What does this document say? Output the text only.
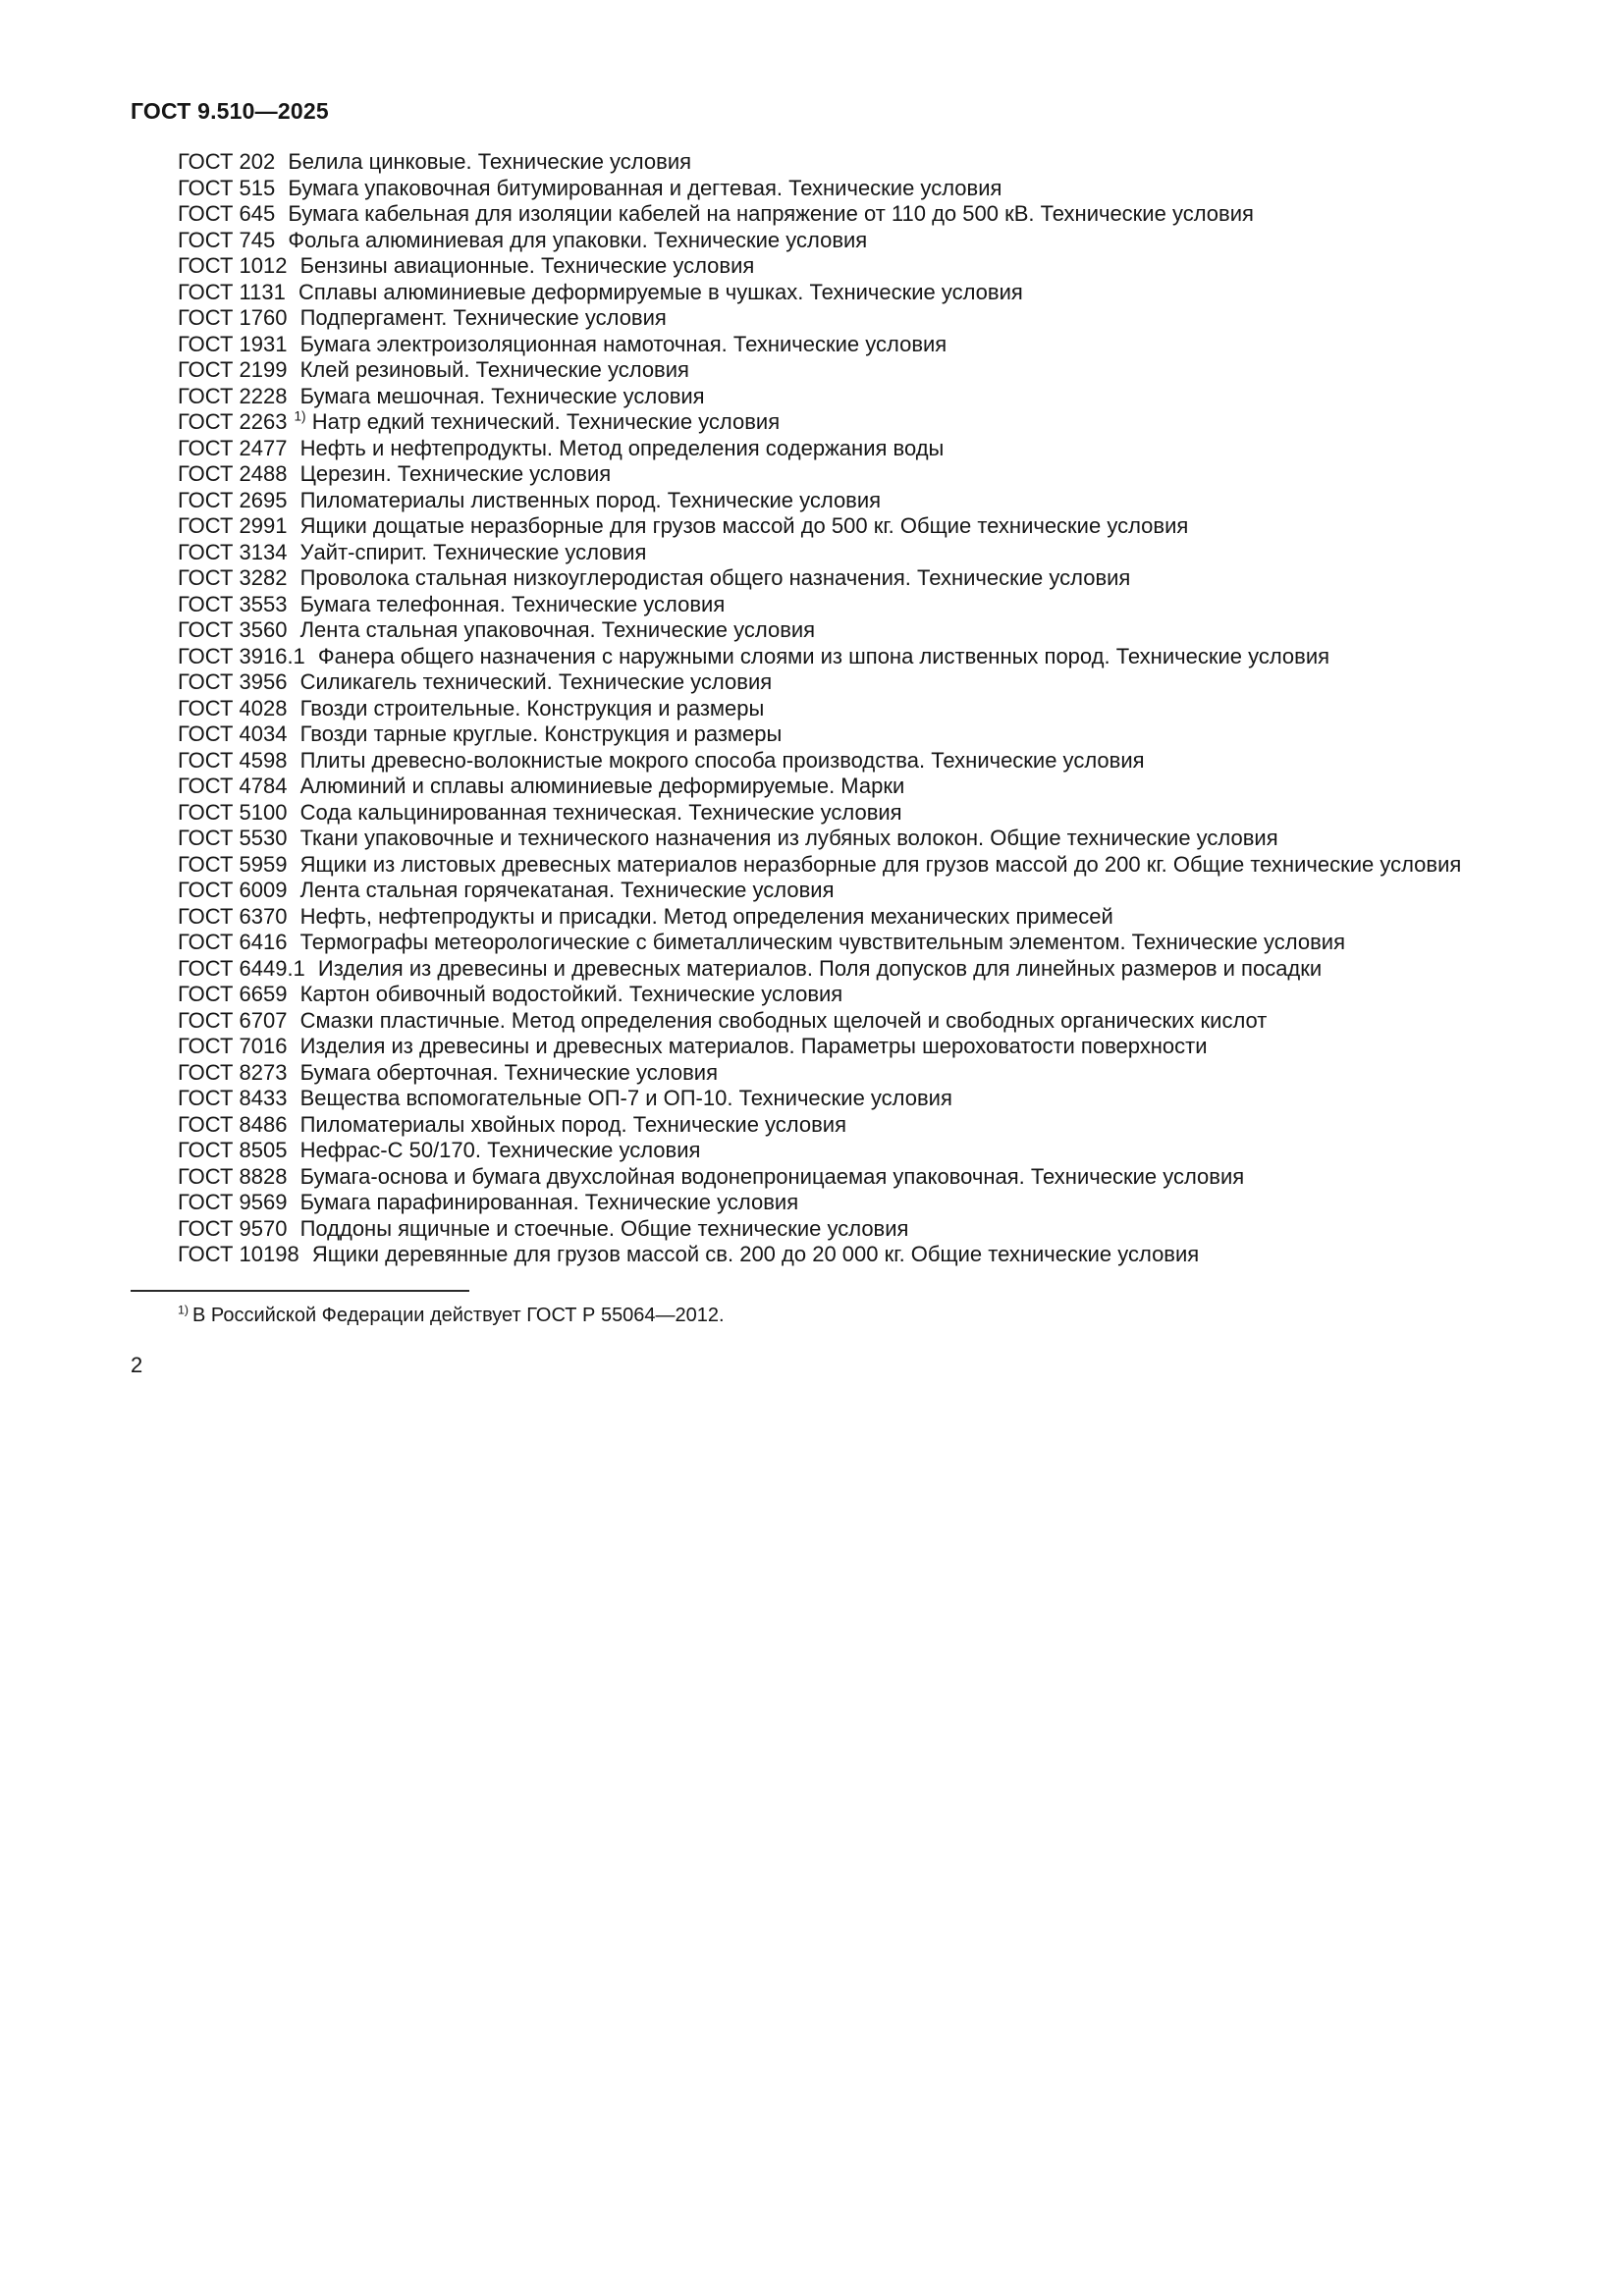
ГОСТ 9.510—2025

ГОСТ 202 Белила цинковые. Технические условия

ГОСТ 515 Бумага упаковочная битумированная и дегтевая. Технические условия

ГОСТ 645 Бумага кабельная для изоляции кабелей на напряжение от 110 до 500 кВ. Технические условия

ГОСТ 745 Фольга алюминиевая для упаковки. Технические условия

ГОСТ 1012 Бензины авиационные. Технические условия

ГОСТ 1131 Сплавы алюминиевые деформируемые в чушках. Технические условия

ГОСТ 1760 Подпергамент. Технические условия

ГОСТ 1931 Бумага электроизоляционная намоточная. Технические условия

ГОСТ 2199 Клей резиновый. Технические условия

ГОСТ 2228 Бумага мешочная. Технические условия

ГОСТ 2263 $^{1)}$ Натр едкий технический. Технические условия

ГОСТ 2477 Нефть и нефтепродукты. Метод определения содержания воды

ГОСТ 2488 Церезин. Технические условия

ГОСТ 2695 Пиломатериалы лиственных пород. Технические условия

ГОСТ 2991 Ящики дощатые неразборные для грузов массой до 500 кг. Общие технические условия

ГОСТ 3134 Уайт-спирит. Технические условия

ГОСТ 3282 Проволока стальная низкоуглеродистая общего назначения. Технические условия

ГОСТ 3553 Бумага телефонная. Технические условия

ГОСТ 3560 Лента стальная упаковочная. Технические условия

ГОСТ 3916.1 Фанера общего назначения с наружными слоями из шпона лиственных пород. Технические условия

ГОСТ 3956 Силикагель технический. Технические условия

ГОСТ 4028 Гвозди строительные. Конструкция и размеры

ГОСТ 4034 Гвозди тарные круглые. Конструкция и размеры

ГОСТ 4598 Плиты древесно-волокнистые мокрого способа производства. Технические условия

ГОСТ 4784 Алюминий и сплавы алюминиевые деформируемые. Марки

ГОСТ 5100 Сода кальцинированная техническая. Технические условия

ГОСТ 5530 Ткани упаковочные и технического назначения из лубяных волокон. Общие технические условия

ГОСТ 5959 Ящики из листовых древесных материалов неразборные для грузов массой до 200 кг. Общие технические условия

ГОСТ 6009 Лента стальная горячекатаная. Технические условия

ГОСТ 6370 Нефть, нефтепродукты и присадки. Метод определения механических примесей

ГОСТ 6416 Термографы метеорологические с биметаллическим чувствительным элементом. Технические условия

ГОСТ 6449.1 Изделия из древесины и древесных материалов. Поля допусков для линейных размеров и посадки

ГОСТ 6659 Картон обивочный водостойкий. Технические условия

ГОСТ 6707 Смазки пластичные. Метод определения свободных щелочей и свободных органических кислот

ГОСТ 7016 Изделия из древесины и древесных материалов. Параметры шероховатости поверхности

ГОСТ 8273 Бумага оберточная. Технические условия

ГОСТ 8433 Вещества вспомогательные ОП-7 и ОП-10. Технические условия

ГОСТ 8486 Пиломатериалы хвойных пород. Технические условия

ГОСТ 8505 Нефрас-С 50/170. Технические условия

ГОСТ 8828 Бумага-основа и бумага двухслойная водонепроницаемая упаковочная. Технические условия

ГОСТ 9569 Бумага парафинированная. Технические условия

ГОСТ 9570 Поддоны ящичные и стоечные. Общие технические условия

ГОСТ 10198 Ящики деревянные для грузов массой св. 200 до 20 000 кг. Общие технические условия

$^{1)}$ В Российской Федерации действует ГОСТ Р 55064—2012.

2
